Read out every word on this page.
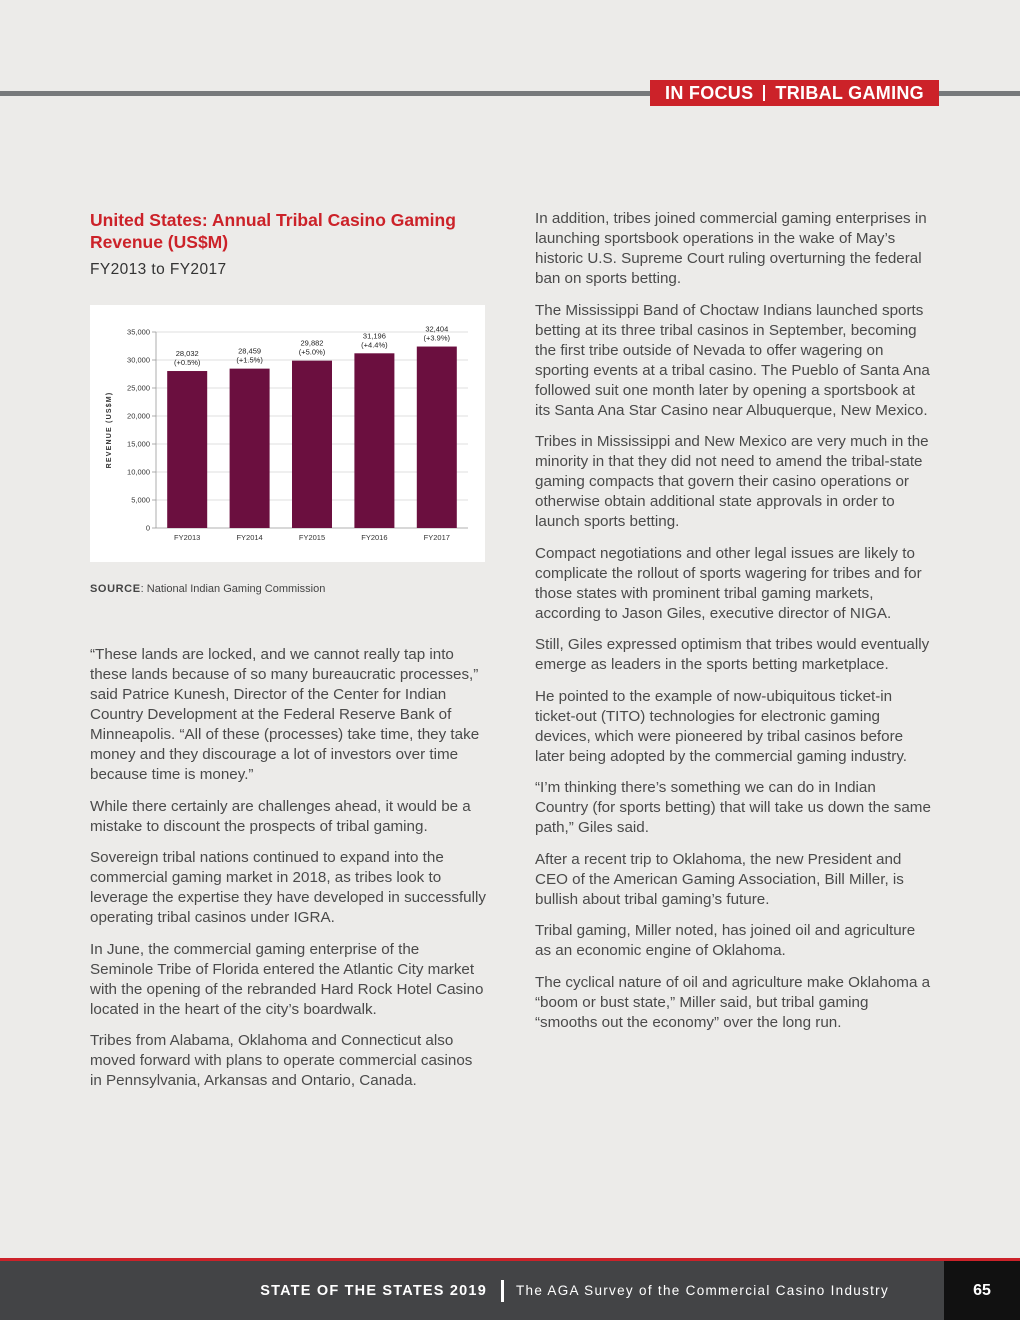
IN FOCUS TRIBAL GAMING
United States: Annual Tribal Casino Gaming Revenue (US$M)
FY2013 to FY2017
0
5,000
10,000
15,000
20,000
25,000
30,000
35,000
REVENUE (US$M)
28,032
(+0.5%)
FY2013
28,459
(+1.5%)
FY2014
29,882
(+5.0%)
FY2015
31,196
(+4.4%)
FY2016
32,404
(+3.9%)
FY2017
SOURCE: National Indian Gaming Commission

“These lands are locked, and we cannot really tap into these lands because of so many bureaucratic processes,” said Patrice Kunesh, Director of the Center for Indian Country Development at the Federal Reserve Bank of Minneapolis. “All of these (processes) take time, they take money and they discourage a lot of investors over time because time is money.”

While there certainly are challenges ahead, it would be a mistake to discount the prospects of tribal gaming.

Sovereign tribal nations continued to expand into the commercial gaming market in 2018, as tribes look to leverage the expertise they have developed in successfully operating tribal casinos under IGRA.

In June, the commercial gaming enterprise of the Seminole Tribe of Florida entered the Atlantic City market with the opening of the rebranded Hard Rock Hotel Casino located in the heart of the city’s boardwalk.

Tribes from Alabama, Oklahoma and Connecticut also moved forward with plans to operate commercial casinos in Pennsylvania, Arkansas and Ontario, Canada.

In addition, tribes joined commercial gaming enterprises in launching sportsbook operations in the wake of May’s historic U.S. Supreme Court ruling overturning the federal ban on sports betting.

The Mississippi Band of Choctaw Indians launched sports betting at its three tribal casinos in September, becoming the first tribe outside of Nevada to offer wagering on sporting events at a tribal casino. The Pueblo of Santa Ana followed suit one month later by opening a sportsbook at its Santa Ana Star Casino near Albuquerque, New Mexico.

Tribes in Mississippi and New Mexico are very much in the minority in that they did not need to amend the tribal-state gaming compacts that govern their casino operations or otherwise obtain additional state approvals in order to launch sports betting.

Compact negotiations and other legal issues are likely to complicate the rollout of sports wagering for tribes and for those states with prominent tribal gaming markets, according to Jason Giles, executive director of NIGA.

Still, Giles expressed optimism that tribes would eventually emerge as leaders in the sports betting marketplace.

He pointed to the example of now-ubiquitous ticket-in ticket-out (TITO) technologies for electronic gaming devices, which were pioneered by tribal casinos before later being adopted by the commercial gaming industry.

“I’m thinking there’s something we can do in Indian Country (for sports betting) that will take us down the same path,” Giles said.

After a recent trip to Oklahoma, the new President and CEO of the American Gaming Association, Bill Miller, is bullish about tribal gaming’s future.

Tribal gaming, Miller noted, has joined oil and agriculture as an economic engine of Oklahoma.

The cyclical nature of oil and agriculture make Oklahoma a “boom or bust state,” Miller said, but tribal gaming “smooths out the economy” over the long run.

STATE OF THE STATES 2019 The AGA Survey of the Commercial Casino Industry	65
